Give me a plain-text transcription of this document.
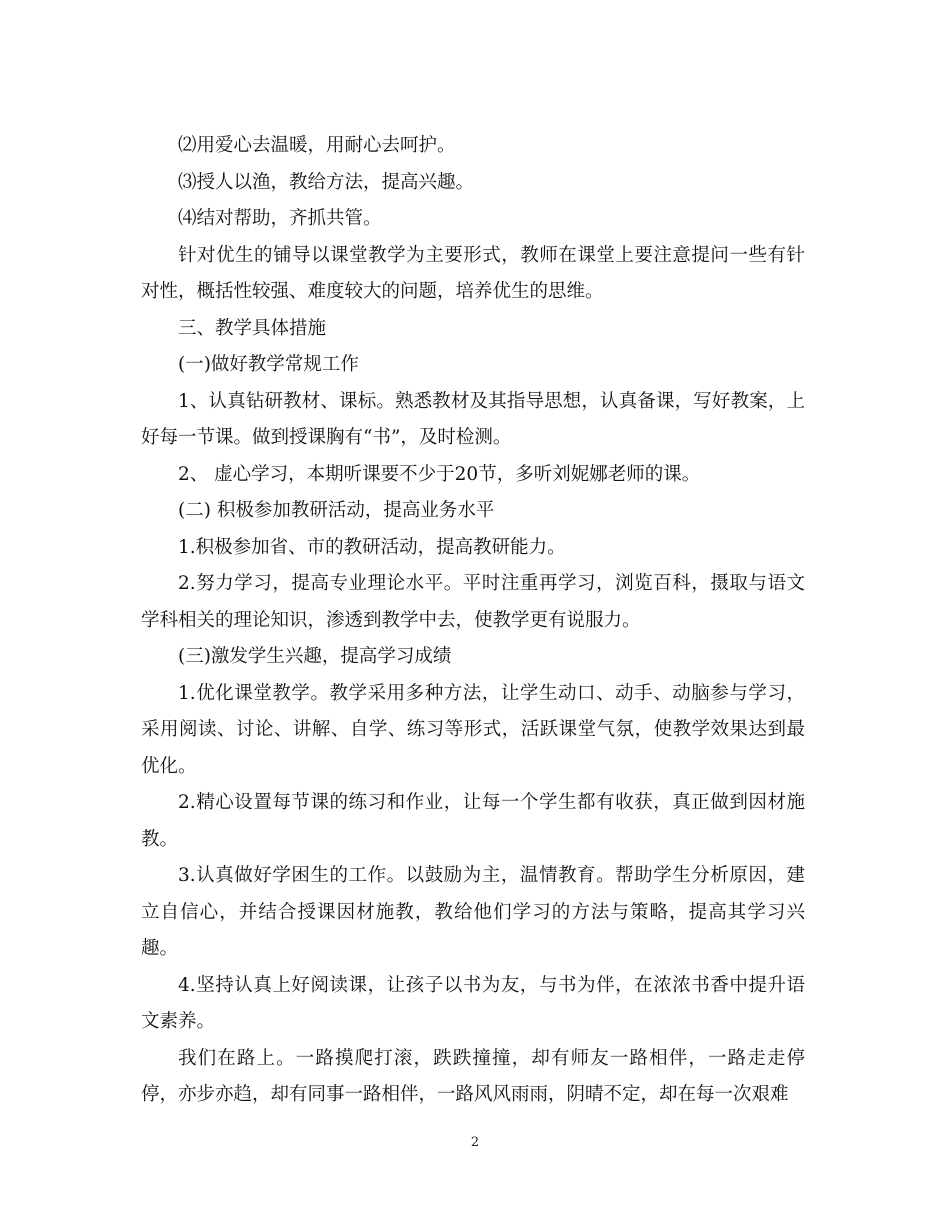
⑵用爱心去温暖，用耐心去呵护。

⑶授人以渔，教给方法，提高兴趣。

⑷结对帮助，齐抓共管。

针对优生的铺导以课堂教学为主要形式，教师在课堂上要注意提问一些有针对性，概括性较强、难度较大的问题，培养优生的思维。

三、教学具体措施

(一)做好教学常规工作

1、认真钻研教材、课标。熟悉教材及其指导思想，认真备课，写好教案，上好每一节课。做到授课胸有“书”，及时检测。

2、 虚心学习，本期听课要不少于20节，多听刘妮娜老师的课。

(二) 积极参加教研活动，提高业务水平

1.积极参加省、市的教研活动，提高教研能力。

2.努力学习，提高专业理论水平。平时注重再学习，浏览百科，摄取与语文学科相关的理论知识，渗透到教学中去，使教学更有说服力。

(三)激发学生兴趣，提高学习成绩

1.优化课堂教学。教学采用多种方法，让学生动口、动手、动脑参与学习，采用阅读、讨论、讲解、自学、练习等形式，活跃课堂气氛，使教学效果达到最优化。

2.精心设置每节课的练习和作业，让每一个学生都有收获，真正做到因材施教。

3.认真做好学困生的工作。以鼓励为主，温情教育。帮助学生分析原因，建立自信心，并结合授课因材施教，教给他们学习的方法与策略，提高其学习兴趣。

4.坚持认真上好阅读课，让孩子以书为友，与书为伴，在浓浓书香中提升语文素养。

我们在路上。一路摸爬打滚，跌跌撞撞，却有师友一路相伴，一路走走停停，亦步亦趋，却有同事一路相伴，一路风风雨雨，阴晴不定，却在每一次艰难

2
